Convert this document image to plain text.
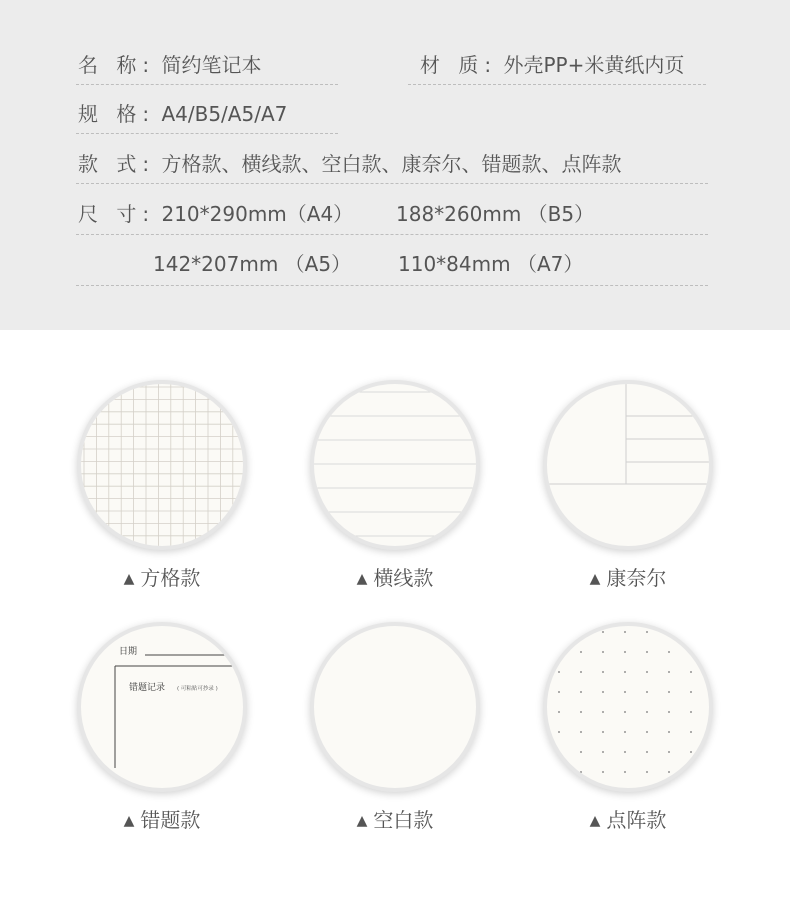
名 称: 简约笔记本	材 质: 外壳PP+米黄纸内页
规 格: A4/B5/A5/A7
款 式: 方格款、横线款、空白款、康奈尔、错题款、点阵款
尺 寸: 210*290mm（A4） 188*260mm （B5）
142*207mm （A5） 110*84mm （A7）
▲ 方格款	▲ 横线款	▲ 康奈尔
日期
错题记录 ( 可粘贴可抄录 )
▲ 错题款	▲ 空白款	▲ 点阵款
